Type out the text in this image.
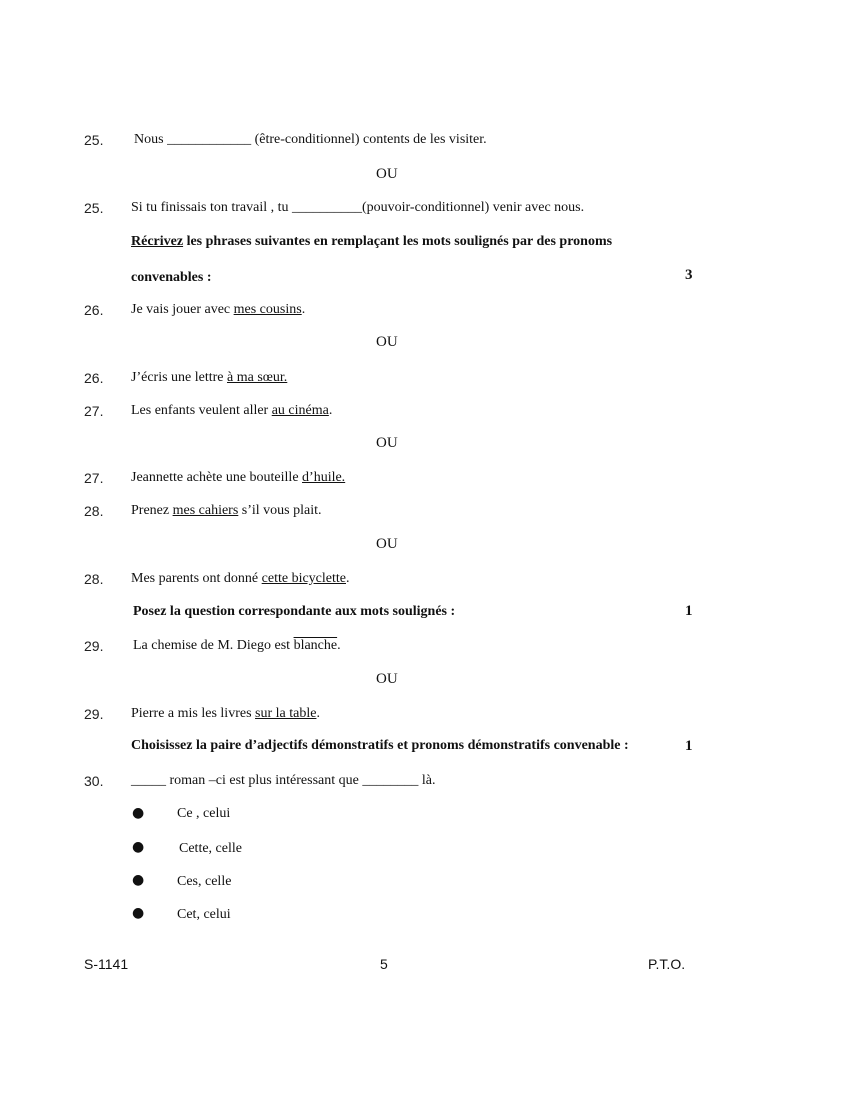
25. Nous ____________ (être-conditionnel) contents de les visiter.
OU
25. Si tu finissais ton travail , tu __________(pouvoir-conditionnel) venir avec nous.
Récrivez les phrases suivantes en remplaçant les mots soulignés par des pronoms
convenables :	3
26. Je vais jouer avec mes cousins.
OU
26. J’écris une lettre à ma sœur.
27. Les enfants veulent aller au cinéma.
OU
27. Jeannette achète une bouteille d’huile.
28. Prenez mes cahiers s’il vous plait.
OU
28. Mes parents ont donné cette bicyclette.
Posez la question correspondante aux mots soulignés :	1
29. La chemise de M. Diego est blanche.
OU
29. Pierre a mis les livres sur la table.
Choisissez la paire d’adjectifs démonstratifs et pronoms démonstratifs convenable :	1
30. _____ roman –ci est plus intéressant que ________ là.
● Ce , celui
● Cette, celle
● Ces, celle
● Cet, celui
S-1141	5	P.T.O.
